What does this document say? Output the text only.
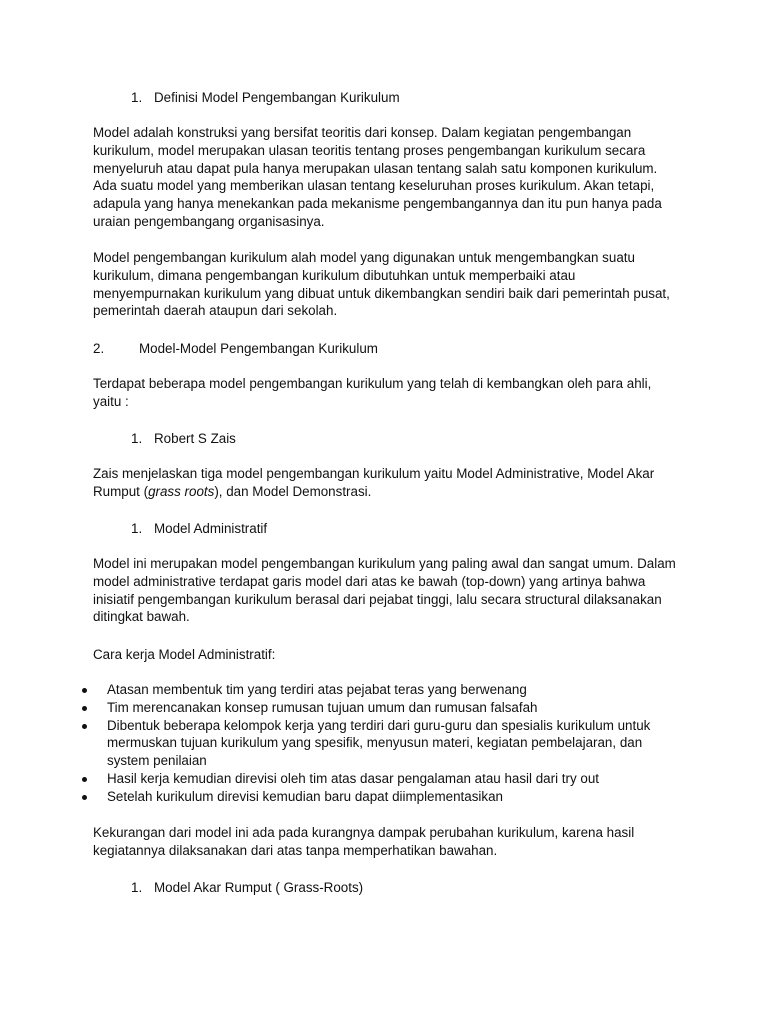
1. Definisi Model Pengembangan Kurikulum

Model adalah konstruksi yang bersifat teoritis dari konsep. Dalam kegiatan pengembangan kurikulum, model merupakan ulasan teoritis tentang proses pengembangan kurikulum secara menyeluruh atau dapat pula hanya merupakan ulasan tentang salah satu komponen kurikulum. Ada suatu model yang memberikan ulasan tentang keseluruhan proses kurikulum. Akan tetapi, adapula yang hanya menekankan pada mekanisme pengembangannya dan itu pun hanya pada uraian pengembangang organisasinya.

Model pengembangan kurikulum alah model yang digunakan untuk mengembangkan suatu kurikulum, dimana pengembangan kurikulum dibutuhkan untuk memperbaiki atau menyempurnakan kurikulum yang dibuat untuk dikembangkan sendiri baik dari pemerintah pusat, pemerintah daerah ataupun dari sekolah.

2.	Model-Model Pengembangan Kurikulum

Terdapat beberapa model pengembangan kurikulum yang telah di kembangkan oleh para ahli, yaitu :

1. Robert S Zais

Zais menjelaskan tiga model pengembangan kurikulum yaitu Model Administrative, Model Akar Rumput (grass roots), dan Model Demonstrasi.

1. Model Administratif

Model ini merupakan model pengembangan kurikulum yang paling awal dan sangat umum. Dalam model administrative terdapat garis model dari atas ke bawah (top-down) yang artinya bahwa inisiatif pengembangan kurikulum berasal dari pejabat tinggi, lalu secara structural dilaksanakan ditingkat bawah.

Cara kerja Model Administratif:

Atasan membentuk tim yang terdiri atas pejabat teras yang berwenang
Tim merencanakan konsep rumusan tujuan umum dan rumusan falsafah
Dibentuk beberapa kelompok kerja yang terdiri dari guru-guru dan spesialis kurikulum untuk mermuskan tujuan kurikulum yang spesifik, menyusun materi, kegiatan pembelajaran, dan system penilaian
Hasil kerja kemudian direvisi oleh tim atas dasar pengalaman atau hasil dari try out
Setelah kurikulum direvisi kemudian baru dapat diimplementasikan

Kekurangan dari model ini ada pada kurangnya dampak perubahan kurikulum, karena hasil kegiatannya dilaksanakan dari atas tanpa memperhatikan bawahan.

1. Model Akar Rumput ( Grass-Roots)
